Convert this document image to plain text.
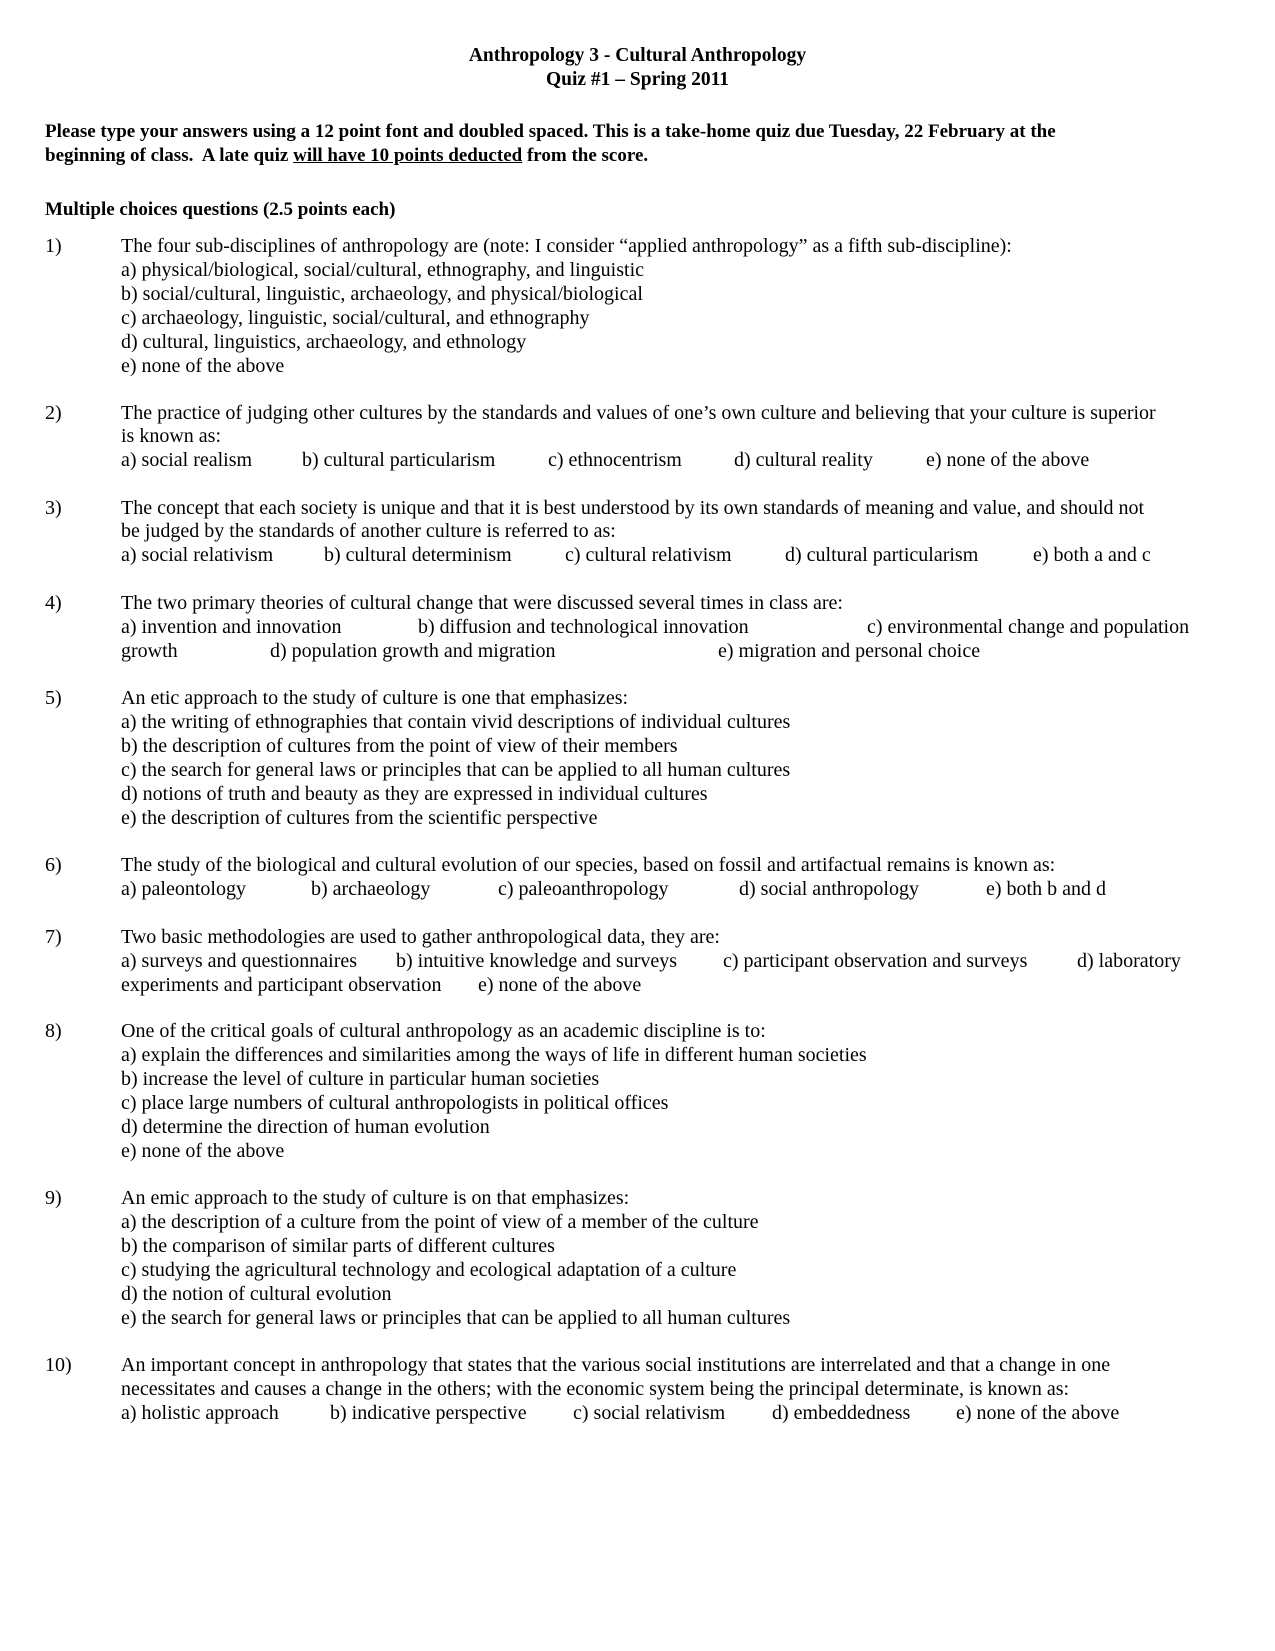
Anthropology 3 - Cultural Anthropology
Quiz #1 – Spring 2011
Please type your answers using a 12 point font and doubled spaced. This is a take-home quiz due Tuesday, 22 February at the
beginning of class.  A late quiz will have 10 points deducted from the score.
Multiple choices questions (2.5 points each)
1)	The four sub-disciplines of anthropology are (note: I consider “applied anthropology” as a fifth sub-discipline):
a) physical/biological, social/cultural, ethnography, and linguistic
b) social/cultural, linguistic, archaeology, and physical/biological
c) archaeology, linguistic, social/cultural, and ethnography
d) cultural, linguistics, archaeology, and ethnology
e) none of the above
2)	The practice of judging other cultures by the standards and values of one’s own culture and believing that your culture is superior
is known as:
a) social realism b) cultural particularism	c) ethnocentrism	d) cultural reality	e) none of the above
3)	The concept that each society is unique and that it is best understood by its own standards of meaning and value, and should not
be judged by the standards of another culture is referred to as:
a) social relativism	b) cultural determinism	c) cultural relativism	d) cultural particularism	e) both a and c
4)	The two primary theories of cultural change that were discussed several times in class are:
a) invention and innovation	b) diffusion and technological innovation	c) environmental change and population
growth	d) population growth and migration	e) migration and personal choice
5)	An etic approach to the study of culture is one that emphasizes:
a) the writing of ethnographies that contain vivid descriptions of individual cultures
b) the description of cultures from the point of view of their members
c) the search for general laws or principles that can be applied to all human cultures
d) notions of truth and beauty as they are expressed in individual cultures
e) the description of cultures from the scientific perspective
6)	The study of the biological and cultural evolution of our species, based on fossil and artifactual remains is known as:
a) paleontology	b) archaeology	c) paleoanthropology	d) social anthropology	e) both b and d
7)	Two basic methodologies are used to gather anthropological data, they are:
a) surveys and questionnaires b) intuitive knowledge and surveys c) participant observation and surveys d) laboratory
experiments and participant observation e) none of the above
8)	One of the critical goals of cultural anthropology as an academic discipline is to:
a) explain the differences and similarities among the ways of life in different human societies
b) increase the level of culture in particular human societies
c) place large numbers of cultural anthropologists in political offices
d) determine the direction of human evolution
e) none of the above
9)	An emic approach to the study of culture is on that emphasizes:
a) the description of a culture from the point of view of a member of the culture
b) the comparison of similar parts of different cultures
c) studying the agricultural technology and ecological adaptation of a culture
d) the notion of cultural evolution
e) the search for general laws or principles that can be applied to all human cultures
10) An important concept in anthropology that states that the various social institutions are interrelated and that a change in one
necessitates and causes a change in the others; with the economic system being the principal determinate, is known as:
a) holistic approach	b) indicative perspective c) social relativism d) embeddedness e) none of the above
